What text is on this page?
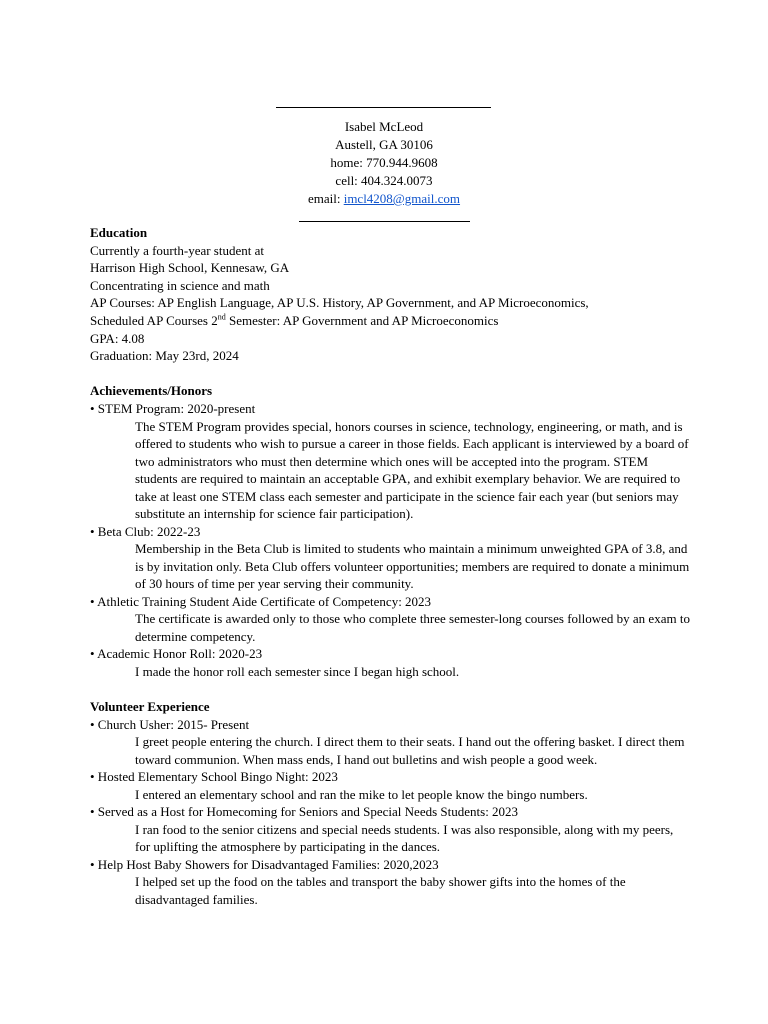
Isabel McLeod
Austell, GA 30106
home: 770.944.9608
cell: 404.324.0073
email: imcl4208@gmail.com
Education
Currently a fourth-year student at
Harrison High School, Kennesaw, GA
Concentrating in science and math
AP Courses: AP English Language, AP U.S. History, AP Government, and AP Microeconomics,
Scheduled AP Courses 2nd Semester: AP Government and AP Microeconomics
GPA: 4.08
Graduation: May 23rd, 2024
Achievements/Honors
• STEM Program: 2020-present
The STEM Program provides special, honors courses in science, technology, engineering, or math, and is offered to students who wish to pursue a career in those fields. Each applicant is interviewed by a board of two administrators who must then determine which ones will be accepted into the program. STEM students are required to maintain an acceptable GPA, and exhibit exemplary behavior. We are required to take at least one STEM class each semester and participate in the science fair each year (but seniors may substitute an internship for science fair participation).
• Beta Club: 2022-23
Membership in the Beta Club is limited to students who maintain a minimum unweighted GPA of 3.8, and is by invitation only. Beta Club offers volunteer opportunities; members are required to donate a minimum of 30 hours of time per year serving their community.
• Athletic Training Student Aide Certificate of Competency: 2023
The certificate is awarded only to those who complete three semester-long courses followed by an exam to determine competency.
• Academic Honor Roll: 2020-23
I made the honor roll each semester since I began high school.
Volunteer Experience
• Church Usher: 2015- Present
I greet people entering the church. I direct them to their seats. I hand out the offering basket. I direct them toward communion. When mass ends, I hand out bulletins and wish people a good week.
• Hosted Elementary School Bingo Night: 2023
I entered an elementary school and ran the mike to let people know the bingo numbers.
• Served as a Host for Homecoming for Seniors and Special Needs Students: 2023
I ran food to the senior citizens and special needs students. I was also responsible, along with my peers, for uplifting the atmosphere by participating in the dances.
• Help Host Baby Showers for Disadvantaged Families: 2020,2023
I helped set up the food on the tables and transport the baby shower gifts into the homes of the disadvantaged families.
